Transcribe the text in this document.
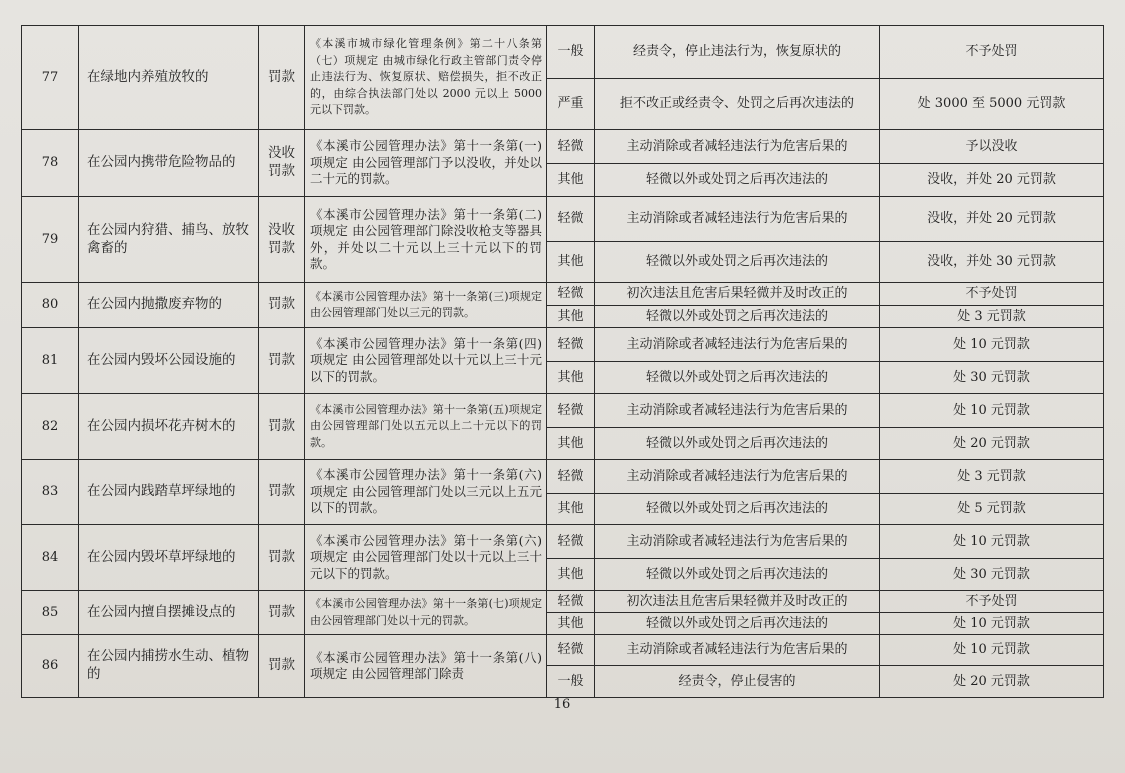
77	在绿地内养殖放牧的	罚款	《本溪市城市绿化管理条例》第二十八条第（七）项规定 由城市绿化行政主管部门责令停止违法行为、恢复原状、赔偿损失，拒不改正的，由综合执法部门处以 2000 元以上 5000 元以下罚款。	一般	经责令，停止违法行为，恢复原状的	不予处罚
				严重	拒不改正或经责令、处罚之后再次违法的	处 3000 至 5000 元罚款
78	在公园内携带危险物品的	没收罚款	《本溪市公园管理办法》第十一条第(一)项规定 由公园管理部门予以没收，并处以二十元的罚款。	轻微	主动消除或者减轻违法行为危害后果的	予以没收
				其他	轻微以外或处罚之后再次违法的	没收，并处 20 元罚款
79	在公园内狩猎、捕鸟、放牧禽畜的	没收罚款	《本溪市公园管理办法》第十一条第(二)项规定 由公园管理部门除没收枪支等器具外，并处以二十元以上三十元以下的罚款。	轻微	主动消除或者减轻违法行为危害后果的	没收，并处 20 元罚款
				其他	轻微以外或处罚之后再次违法的	没收，并处 30 元罚款
80	在公园内抛撒废弃物的	罚款	《本溪市公园管理办法》第十一条第(三)项规定 由公园管理部门处以三元的罚款。	轻微	初次违法且危害后果轻微并及时改正的	不予处罚
				其他	轻微以外或处罚之后再次违法的	处 3 元罚款
81	在公园内毁坏公园设施的	罚款	《本溪市公园管理办法》第十一条第(四)项规定 由公园管理部处以十元以上三十元以下的罚款。	轻微	主动消除或者减轻违法行为危害后果的	处 10 元罚款
				其他	轻微以外或处罚之后再次违法的	处 30 元罚款
82	在公园内损坏花卉树木的	罚款	《本溪市公园管理办法》第十一条第(五)项规定 由公园管理部门处以五元以上二十元以下的罚款。	轻微	主动消除或者减轻违法行为危害后果的	处 10 元罚款
				其他	轻微以外或处罚之后再次违法的	处 20 元罚款
83	在公园内践踏草坪绿地的	罚款	《本溪市公园管理办法》第十一条第(六)项规定 由公园管理部门处以三元以上五元以下的罚款。	轻微	主动消除或者减轻违法行为危害后果的	处 3 元罚款
				其他	轻微以外或处罚之后再次违法的	处 5 元罚款
84	在公园内毁坏草坪绿地的	罚款	《本溪市公园管理办法》第十一条第(六)项规定 由公园管理部门处以十元以上三十元以下的罚款。	轻微	主动消除或者减轻违法行为危害后果的	处 10 元罚款
				其他	轻微以外或处罚之后再次违法的	处 30 元罚款
85	在公园内擅自摆摊设点的	罚款	《本溪市公园管理办法》第十一条第(七)项规定 由公园管理部门处以十元的罚款。	轻微	初次违法且危害后果轻微并及时改正的	不予处罚
				其他	轻微以外或处罚之后再次违法的	处 10 元罚款
86	在公园内捕捞水生动、植物的	罚款	《本溪市公园管理办法》第十一条第(八)项规定 由公园管理部门除责	轻微	主动消除或者减轻违法行为危害后果的	处 10 元罚款
				一般	经责令，停止侵害的	处 20 元罚款
16
